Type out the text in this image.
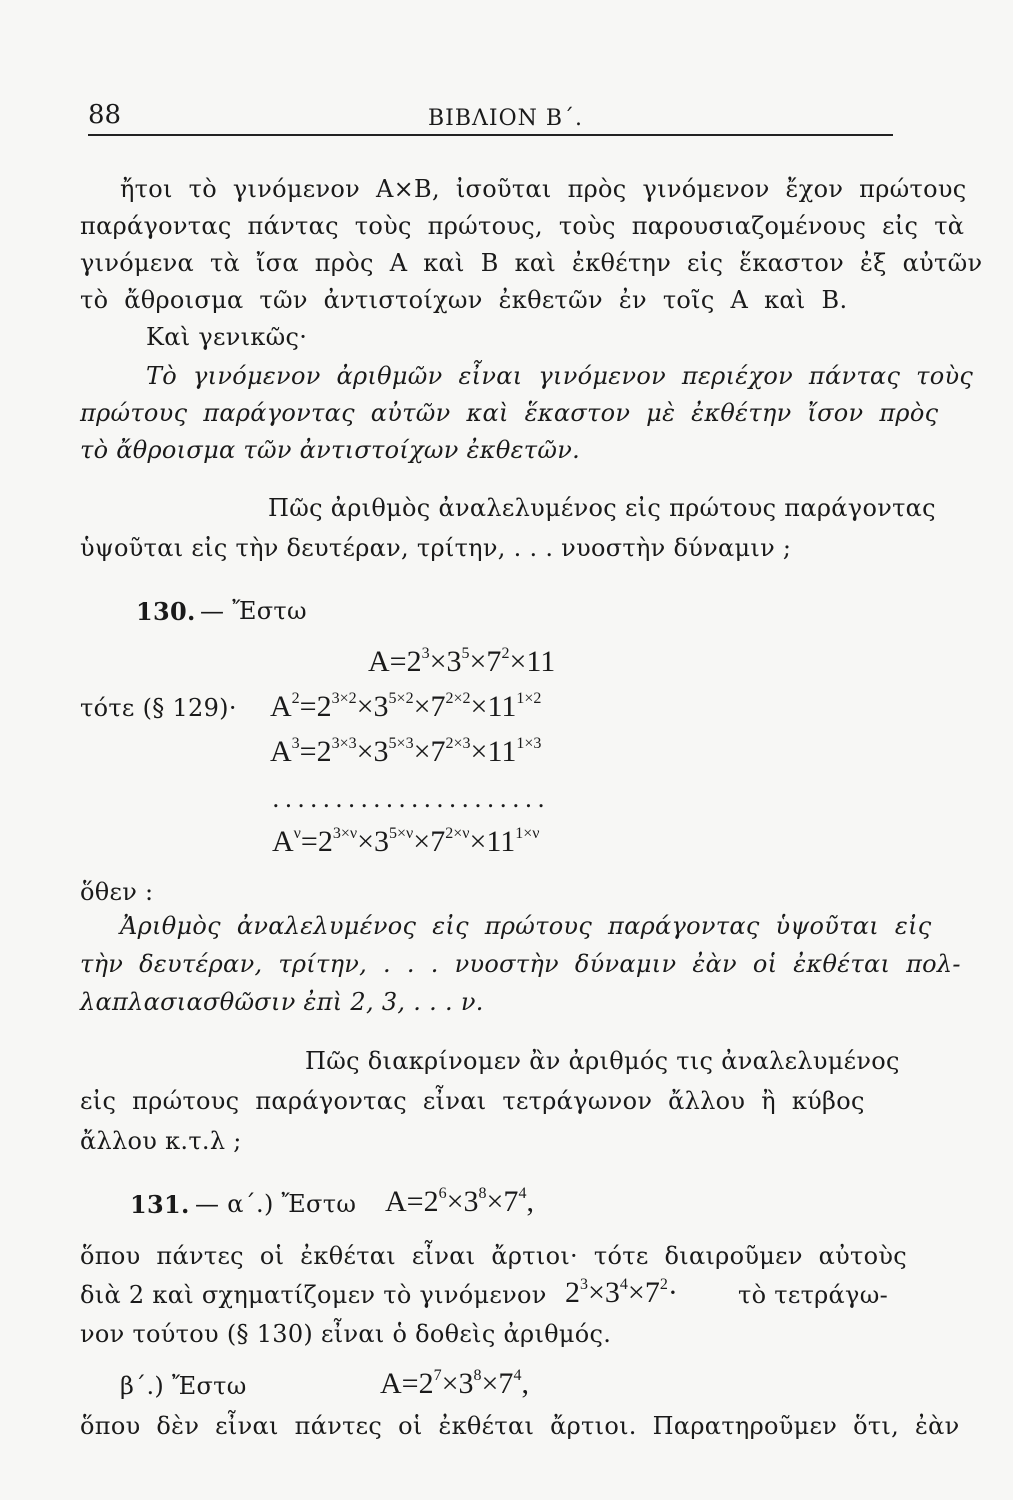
88	ΒΙΒΛΙΟΝ Β΄.
ἤτοι τὸ γινόμενον A×B, ἰσοῦται πρὸς γινόμενον ἔχον πρώτους
παράγοντας πάντας τοὺς πρώτους, τοὺς παρουσιαζομένους εἰς τὰ
γινόμενα τὰ ἴσα πρὸς A καὶ B καὶ ἐκθέτην εἰς ἕκαστον ἐξ αὐτῶν
τὸ ἄθροισμα τῶν ἀντιστοίχων ἐκθετῶν ἐν τοῖς A καὶ B.
Καὶ γενικῶς·
Τὸ γινόμενον ἀριθμῶν εἶναι γινόμενον περιέχον πάντας τοὺς
πρώτους παράγοντας αὐτῶν καὶ ἕκαστον μὲ ἐκθέτην ἴσον πρὸς
τὸ ἄθροισμα τῶν ἀντιστοίχων ἐκθετῶν.
Πῶς ἀριθμὸς ἀναλελυμένος εἰς πρώτους παράγοντας
ὑψοῦται εἰς τὴν δευτέραν, τρίτην, . . . νυοστὴν δύναμιν ;
130. — Ἔστω
$A=2^3\times 3^5\times 7^2\times 11$
τότε (§ $129)\cdot A^2=2^{3\times 2}\times 3^{5\times 2}\times 7^{2\times 2}\times 11^{1\times 2}$
$A^3=2^{3\times 3}\times 3^{5\times 3}\times 7^{2\times 3}\times 11^{1\times 3}$
......................
$A^\nu=2^{3\times\nu}\times 3^{5\times\nu}\times 7^{2\times\nu}\times 11^{1\times\nu}$
ὅθεν :
Ἀριθμὸς ἀναλελυμένος εἰς πρώτους παράγοντας ὑψοῦται εἰς
τὴν δευτέραν, τρίτην, . . . νυοστὴν δύναμιν ἐὰν οἱ ἐκθέται πολ-
λαπλασιασθῶσιν ἐπὶ 2, 3, . . . ν.
Πῶς διακρίνομεν ἂν ἀριθμός τις ἀναλελυμένος
εἰς πρώτους παράγοντας εἶναι τετράγωνον ἄλλου ἢ κύβος
ἄλλου κ.τ.λ ;
131. — α΄.) Ἔστω $A=2^6\times 3^8\times 7^4$,
ὅπου πάντες οἱ ἐκθέται εἶναι ἄρτιοι· τότε διαιροῦμεν αὐτοὺς
διὰ 2 καὶ σχηματίζομεν τὸ γινόμενον $2^3\times 3^4\times 7^2\cdot$	τὸ τετράγω-
νον τούτου (§ 130) εἶναι ὁ δοθεὶς ἀριθμός.
β΄.) Ἔστω	$A=2^7\times 3^8\times 7^4$,
ὅπου δὲν εἶναι πάντες οἱ ἐκθέται ἄρτιοι. Παρατηροῦμεν ὅτι, ἐὰν
